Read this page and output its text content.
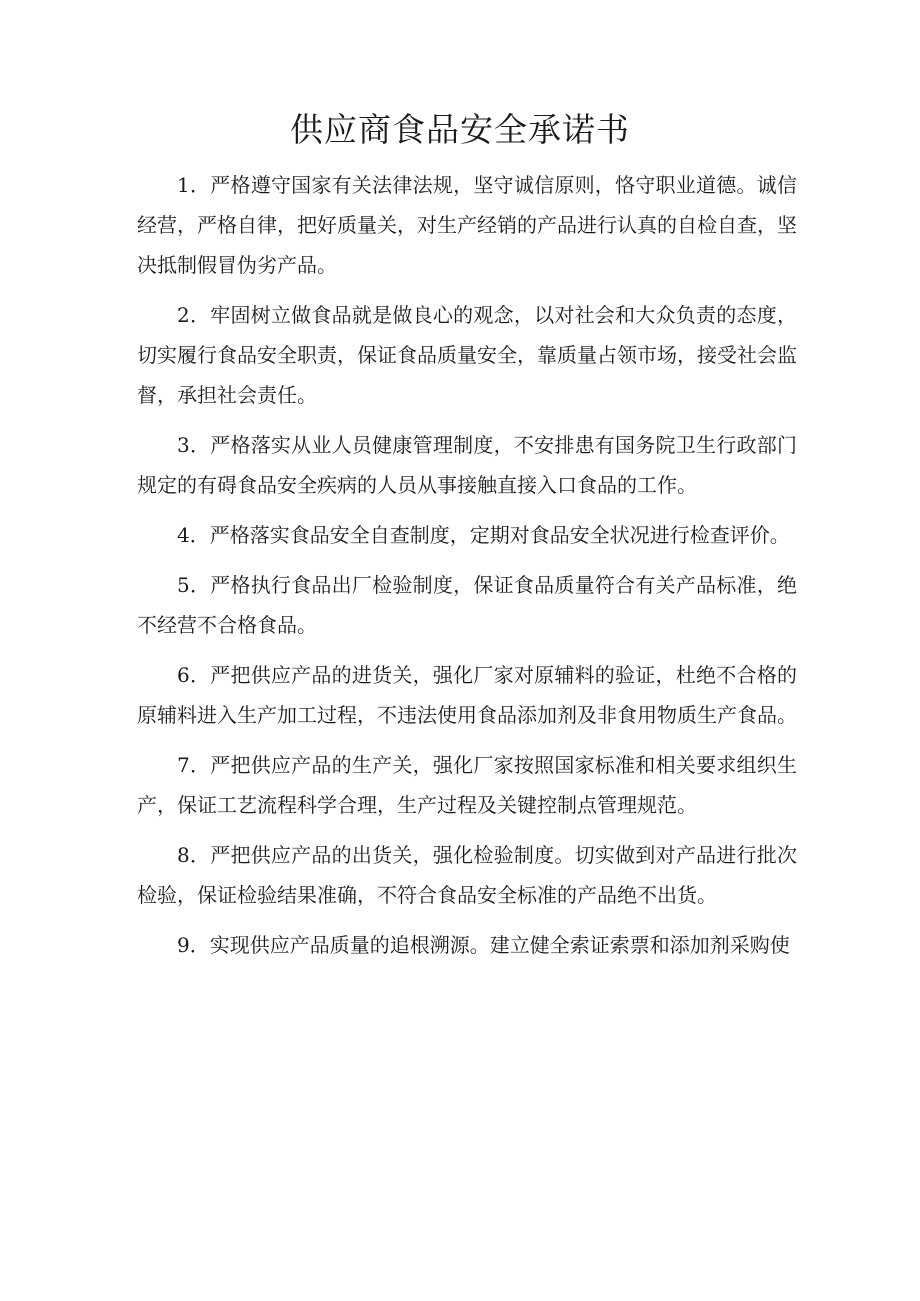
供应商食品安全承诺书

1．严格遵守国家有关法律法规，坚守诚信原则，恪守职业道德。诚信经营，严格自律，把好质量关，对生产经销的产品进行认真的自检自查，坚决抵制假冒伪劣产品。

2．牢固树立做食品就是做良心的观念，以对社会和大众负责的态度，切实履行食品安全职责，保证食品质量安全，靠质量占领市场，接受社会监督，承担社会责任。

3．严格落实从业人员健康管理制度，不安排患有国务院卫生行政部门规定的有碍食品安全疾病的人员从事接触直接入口食品的工作。

4．严格落实食品安全自查制度，定期对食品安全状况进行检查评价。

5．严格执行食品出厂检验制度，保证食品质量符合有关产品标准，绝不经营不合格食品。

6．严把供应产品的进货关，强化厂家对原辅料的验证，杜绝不合格的原辅料进入生产加工过程，不违法使用食品添加剂及非食用物质生产食品。

7．严把供应产品的生产关，强化厂家按照国家标准和相关要求组织生产，保证工艺流程科学合理，生产过程及关键控制点管理规范。

8．严把供应产品的出货关，强化检验制度。切实做到对产品进行批次检验，保证检验结果准确，不符合食品安全标准的产品绝不出货。

9．实现供应产品质量的追根溯源。建立健全索证索票和添加剂采购使
